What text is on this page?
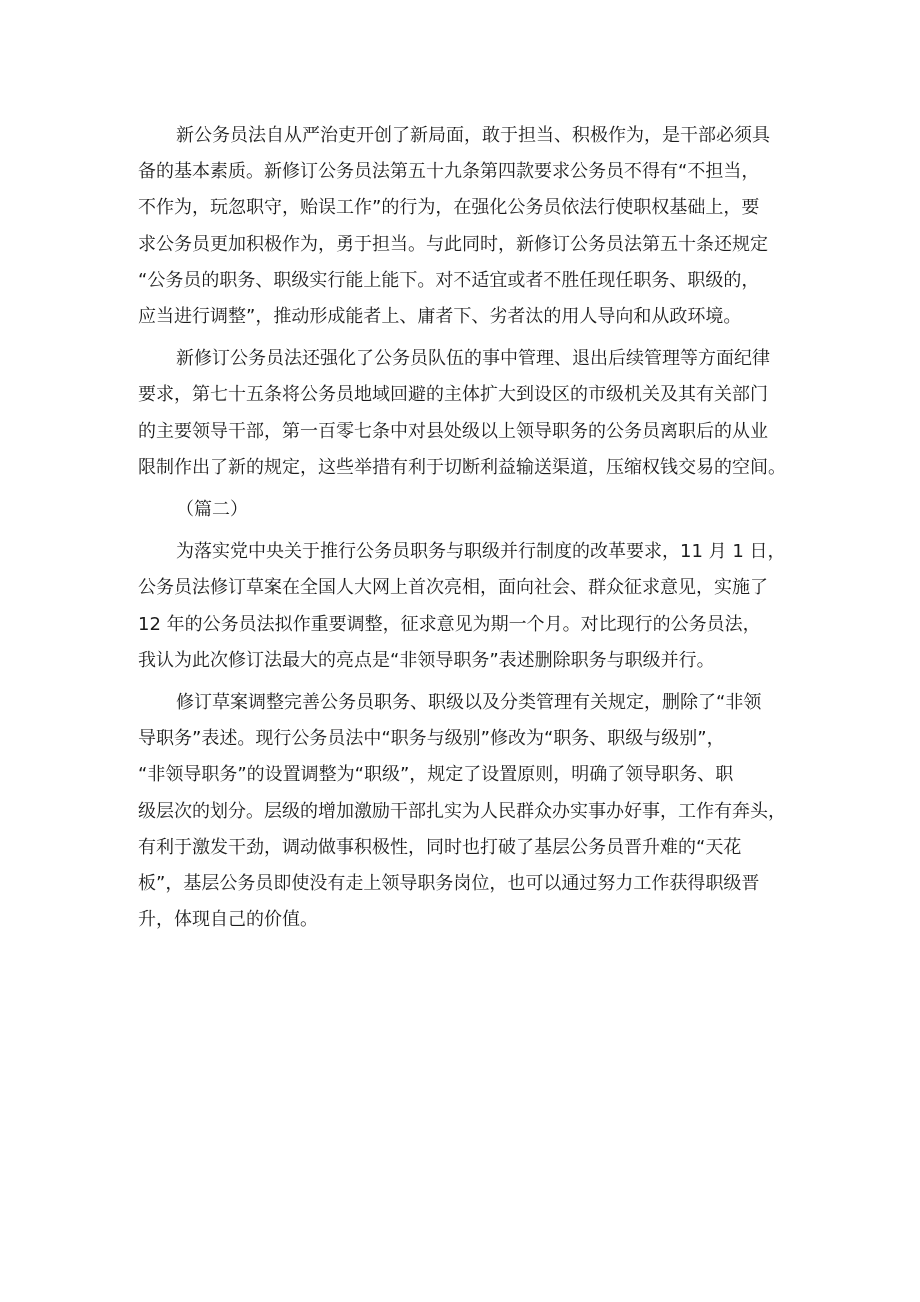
新公务员法自从严治吏开创了新局面，敢于担当、积极作为，是干部必须具
备的基本素质。新修订公务员法第五十九条第四款要求公务员不得有“不担当，
不作为，玩忽职守，贻误工作”的行为，在强化公务员依法行使职权基础上，要
求公务员更加积极作为，勇于担当。与此同时，新修订公务员法第五十条还规定
“公务员的职务、职级实行能上能下。对不适宜或者不胜任现任职务、职级的，
应当进行调整”，推动形成能者上、庸者下、劣者汰的用人导向和从政环境。

新修订公务员法还强化了公务员队伍的事中管理、退出后续管理等方面纪律
要求，第七十五条将公务员地域回避的主体扩大到设区的市级机关及其有关部门
的主要领导干部，第一百零七条中对县处级以上领导职务的公务员离职后的从业
限制作出了新的规定，这些举措有利于切断利益输送渠道，压缩权钱交易的空间。

（篇二）

为落实党中央关于推行公务员职务与职级并行制度的改革要求，11 月 1 日，
公务员法修订草案在全国人大网上首次亮相，面向社会、群众征求意见，实施了
12 年的公务员法拟作重要调整，征求意见为期一个月。对比现行的公务员法，
我认为此次修订法最大的亮点是“非领导职务”表述删除职务与职级并行。

修订草案调整完善公务员职务、职级以及分类管理有关规定，删除了“非领
导职务”表述。现行公务员法中“职务与级别”修改为“职务、职级与级别”，
“非领导职务”的设置调整为“职级”，规定了设置原则，明确了领导职务、职
级层次的划分。层级的增加激励干部扎实为人民群众办实事办好事，工作有奔头，
有利于激发干劲，调动做事积极性，同时也打破了基层公务员晋升难的“天花
板”，基层公务员即使没有走上领导职务岗位，也可以通过努力工作获得职级晋
升，体现自己的价值。
